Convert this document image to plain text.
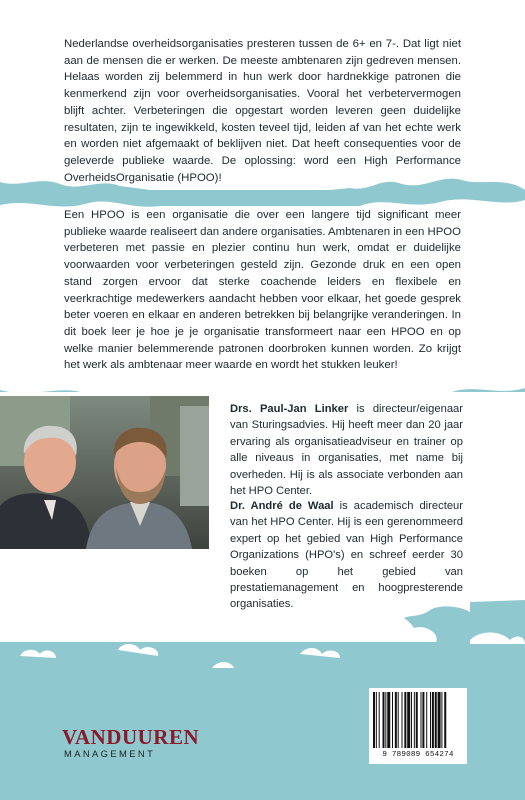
Nederlandse overheidsorganisaties presteren tussen de 6+ en 7-. Dat ligt niet aan de mensen die er werken. De meeste ambtenaren zijn gedreven mensen. Helaas worden zij belemmerd in hun werk door hardnekkige patronen die kenmerkend zijn voor overheidsorganisaties. Vooral het verbetervermogen blijft achter. Verbeteringen die opgestart worden leveren geen duidelijke resultaten, zijn te ingewikkeld, kosten teveel tijd, leiden af van het echte werk en worden niet afgemaakt of beklijven niet. Dat heeft consequenties voor de geleverde publieke waarde. De oplossing: word een High Performance OverheidsOrganisatie (HPOO)!

Een HPOO is een organisatie die over een langere tijd significant meer publieke waarde realiseert dan andere organisaties. Ambtenaren in een HPOO verbeteren met passie en plezier continu hun werk, omdat er duidelijke voorwaarden voor verbeteringen gesteld zijn. Gezonde druk en een open stand zorgen ervoor dat sterke coachende leiders en flexibele en veerkrachtige medewerkers aandacht hebben voor elkaar, het goede gesprek beter voeren en elkaar en anderen betrekken bij belangrijke veranderingen. In dit boek leer je hoe je je organisatie transformeert naar een HPOO en op welke manier belemmerende patronen doorbroken kunnen worden. Zo krijgt het werk als ambtenaar meer waarde en wordt het stukken leuker!

Drs. Paul-Jan Linker is directeur/eigenaar van Sturingsadvies. Hij heeft meer dan 20 jaar ervaring als organisatieadviseur en trainer op alle niveaus in organisaties, met name bij overheden. Hij is als associate verbonden aan het HPO Center.

Dr. André de Waal is academisch directeur van het HPO Center. Hij is een gerenommeerd expert op het gebied van High Performance Organizations (HPO's) en schreef eerder 30 boeken op het gebied van prestatiemanagement en hoogpresterende organisaties.

VANDUUREN
MANAGEMENT	9 789089 654274
